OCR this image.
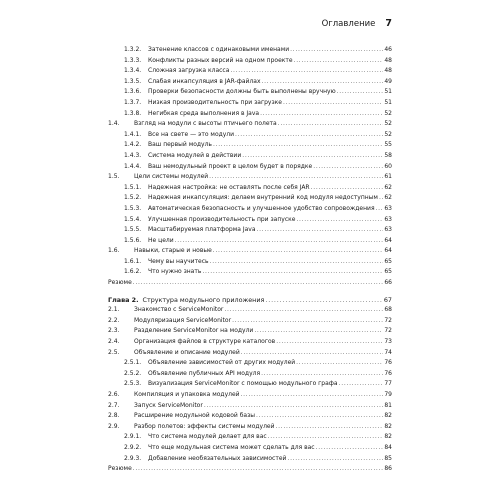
Оглавление 7
1.3.2. Затенение классов с одинаковыми именами . . .	46
1.3.3. Конфликты разных версий на одном проекте . . .	48
1.3.4. Сложная загрузка класса . . .	48
1.3.5. Слабая инкапсуляция в JAR-файлах . . .	49
1.3.6. Проверки безопасности должны быть выполнены вручную . . .	51
1.3.7. Низкая производительность при загрузке . . .	51
1.3.8. Негибкая среда выполнения в Java . . .	52
1.4.	Взгляд на модули с высоты птичьего полета . . .	52
1.4.1. Все на свете — это модули . . .	52
1.4.2. Ваш первый модуль . . .	55
1.4.3. Система модулей в действии . . .	58
1.4.4. Ваш немодульный проект в целом будет в порядке . . .	60
1.5.	Цели системы модулей . . .	61
1.5.1. Надежная настройка: не оставлять после себя JAR . . .	62
1.5.2. Надежная инкапсуляция: делаем внутренний код модуля недоступным . . . 62
1.5.3. Автоматическая безопасность и улучшенное удобство сопровождения . . . 63
1.5.4. Улучшенная производительность при запуске . . .	63
1.5.5. Масштабируемая платформа Java . . .	63
1.5.6. Не цели . . .	64
1.6.	Навыки, старые и новые . . .	64
1.6.1. Чему вы научитесь . . .	65
1.6.2. Что нужно знать . . .	65
Резюме . . .	66
Глава 2. Структура модульного приложения . . .	67
2.1.	Знакомство с ServiceMonitor . . .	68
2.2.	Модуляризация ServiceMonitor . . .	72
2.3.	Разделение ServiceMonitor на модули . . .	72
2.4.	Организация файлов в структуре каталогов . . .	73
2.5.	Объявление и описание модулей . . .	74
2.5.1. Объявление зависимостей от других модулей . . .	76
2.5.2. Объявление публичных API модуля . . .	76
2.5.3. Визуализация ServiceMonitor с помощью модульного графа . . .	77
2.6.	Компиляция и упаковка модулей . . .	79
2.7.	Запуск ServiceMonitor . . .	81
2.8.	Расширение модульной кодовой базы . . .	82
2.9.	Разбор полетов: эффекты системы модулей . . .	82
2.9.1. Что система модулей делает для вас . . .	82
2.9.2. Что еще модульная система может сделать для вас . . .	84
2.9.3. Добавление необязательных зависимостей . . .	85
Резюме . . .	86
